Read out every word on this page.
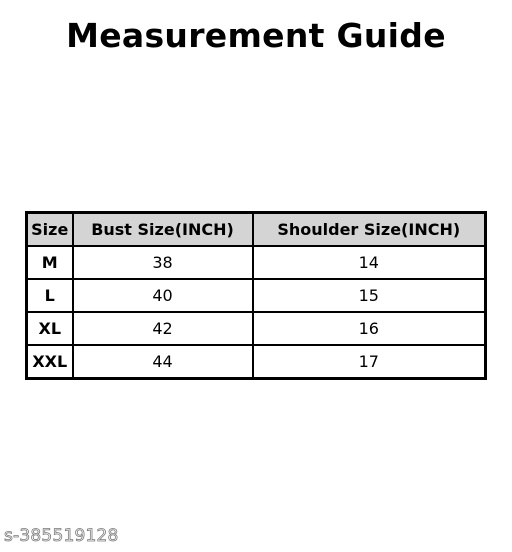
Measurement Guide
Size	Bust Size(INCH)	Shoulder Size(INCH)
M	38	14
L	40	15
XL	42	16
XXL	44	17
s-385519128
